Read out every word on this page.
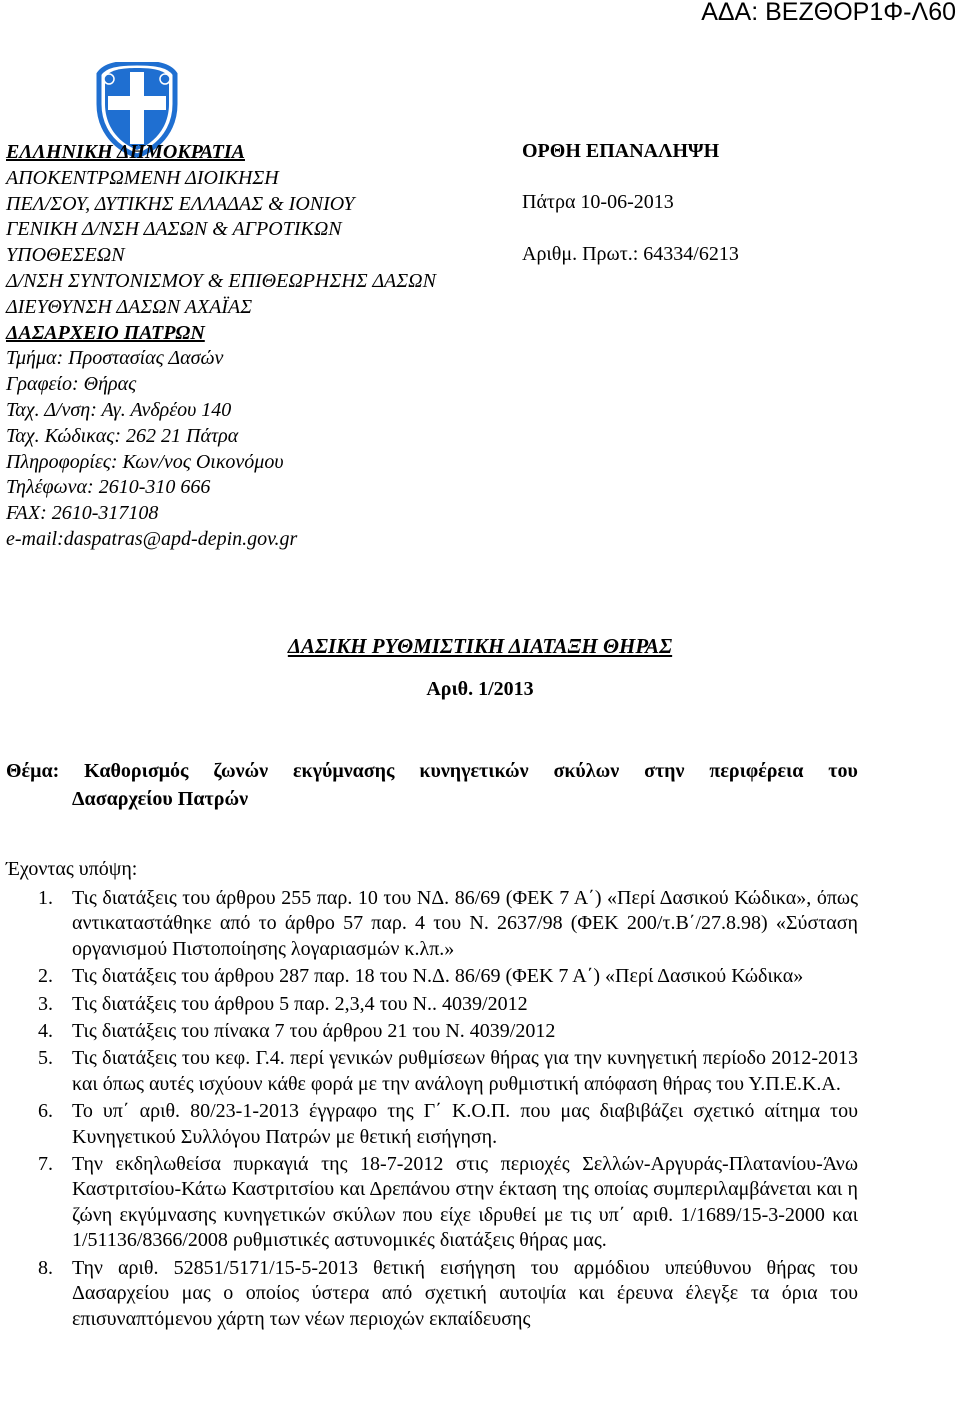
ΑΔΑ: ΒΕΖΘΟΡ1Φ-Λ60
ΕΛΛΗΝΙΚΗ ΔΗΜΟΚΡΑΤΙΑ
ΑΠΟΚΕΝΤΡΩΜΕΝΗ ΔΙΟΙΚΗΣΗ
ΠΕΛ/ΣΟΥ, ΔΥΤΙΚΗΣ ΕΛΛΑΔΑΣ & ΙΟΝΙΟΥ
ΓΕΝΙΚΗ Δ/ΝΣΗ ΔΑΣΩΝ & ΑΓΡΟΤΙΚΩΝ
ΥΠΟΘΕΣΕΩΝ
Δ/ΝΣΗ ΣΥΝΤΟΝΙΣΜΟΥ & ΕΠΙΘΕΩΡΗΣΗΣ ΔΑΣΩΝ
ΔΙΕΥΘΥΝΣΗ ΔΑΣΩΝ ΑΧΑΪΑΣ
ΔΑΣΑΡΧΕΙΟ ΠΑΤΡΩΝ
Τμήμα: Προστασίας Δασών
Γραφείο: Θήρας
Ταχ. Δ/νση: Αγ. Ανδρέου 140
Ταχ. Κώδικας: 262 21 Πάτρα
Πληροφορίες: Κων/νος Οικονόμου
Τηλέφωνα: 2610-310 666
FAX: 2610-317108
e-mail:daspatras@apd-depin.gov.gr
ΟΡΘΗ ΕΠΑΝΑΛΗΨΗ
Πάτρα 10-06-2013
Αριθμ. Πρωτ.: 64334/6213
ΔΑΣΙΚΗ ΡΥΘΜΙΣΤΙΚΗ ΔΙΑΤΑΞΗ ΘΗΡΑΣ
Αριθ. 1/2013
Θέμα: Καθορισμός ζωνών εκγύμνασης κυνηγετικών σκύλων στην περιφέρεια του
Δασαρχείου Πατρών
Έχοντας υπόψη:
1. Τις διατάξεις του άρθρου 255 παρ. 10 του ΝΔ. 86/69 (ΦΕΚ 7 Α΄) «Περί Δασικού Κώδικα», όπως αντικαταστάθηκε από το άρθρο 57 παρ. 4 του Ν. 2637/98 (ΦΕΚ 200/τ.Β΄/27.8.98) «Σύσταση οργανισμού Πιστοποίησης λογαριασμών κ.λπ.»
2. Τις διατάξεις του άρθρου 287 παρ. 18 του Ν.Δ. 86/69 (ΦΕΚ 7 Α΄) «Περί Δασικού Κώδικα»
3. Τις διατάξεις του άρθρου 5 παρ. 2,3,4 του Ν.. 4039/2012
4. Τις διατάξεις του πίνακα 7 του άρθρου 21 του Ν. 4039/2012
5. Τις διατάξεις του κεφ. Γ.4. περί γενικών ρυθμίσεων θήρας για την κυνηγετική περίοδο 2012-2013 και όπως αυτές ισχύουν κάθε φορά με την ανάλογη ρυθμιστική απόφαση θήρας του Υ.Π.Ε.Κ.Α.
6. Το υπ΄ αριθ. 80/23-1-2013 έγγραφο της Γ΄ Κ.Ο.Π. που μας διαβιβάζει σχετικό αίτημα του Κυνηγετικού Συλλόγου Πατρών με θετική εισήγηση.
7. Την εκδηλωθείσα πυρκαγιά της 18-7-2012 στις περιοχές Σελλών-Αργυράς-Πλατανίου-Άνω Καστριτσίου-Κάτω Καστριτσίου και Δρεπάνου στην έκταση της οποίας συμπεριλαμβάνεται και η ζώνη εκγύμνασης κυνηγετικών σκύλων που είχε ιδρυθεί με τις υπ΄ αριθ. 1/1689/15-3-2000 και 1/51136/8366/2008 ρυθμιστικές αστυνομικές διατάξεις θήρας μας.
8. Την αριθ. 52851/5171/15-5-2013 θετική εισήγηση του αρμόδιου υπεύθυνου θήρας του Δασαρχείου μας ο οποίος ύστερα από σχετική αυτοψία και έρευνα έλεγξε τα όρια του επισυναπτόμενου χάρτη των νέων περιοχών εκπαίδευσης
